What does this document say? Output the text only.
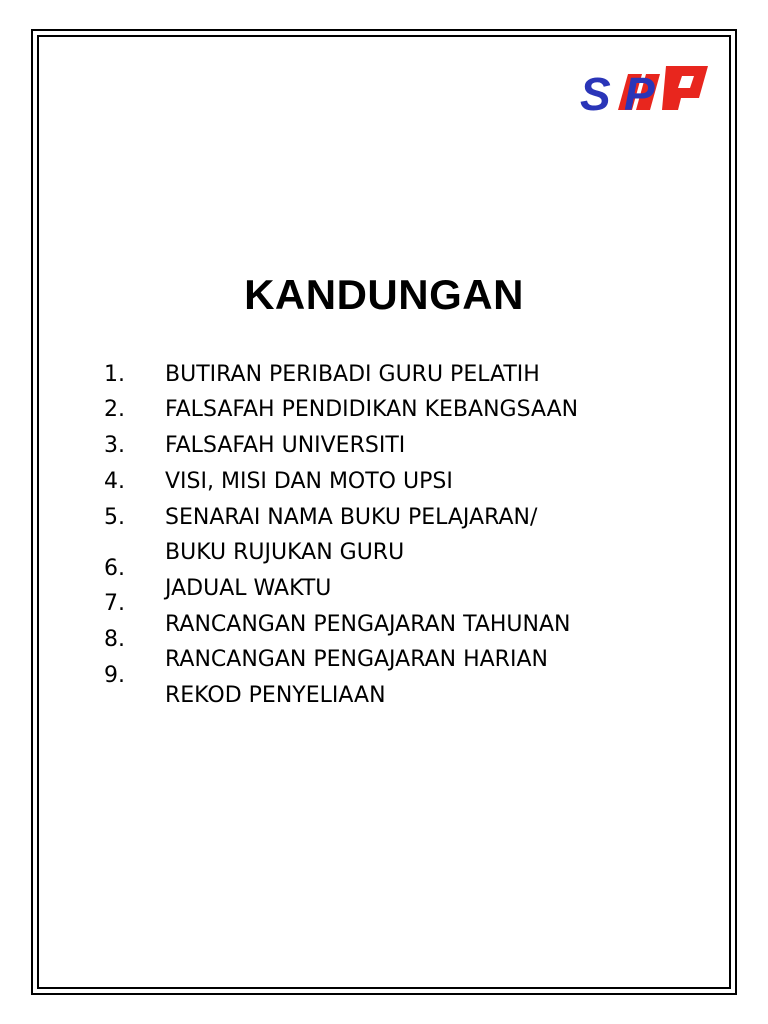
S P
KANDUNGAN
1.
2.
3.
4.
5.
6.
7.
8.
9.
BUTIRAN PERIBADI GURU PELATIH
FALSAFAH PENDIDIKAN KEBANGSAAN
FALSAFAH UNIVERSITI
VISI, MISI DAN MOTO UPSI
SENARAI NAMA BUKU PELAJARAN/
BUKU RUJUKAN GURU
JADUAL WAKTU
RANCANGAN PENGAJARAN TAHUNAN
RANCANGAN PENGAJARAN HARIAN
REKOD PENYELIAAN
